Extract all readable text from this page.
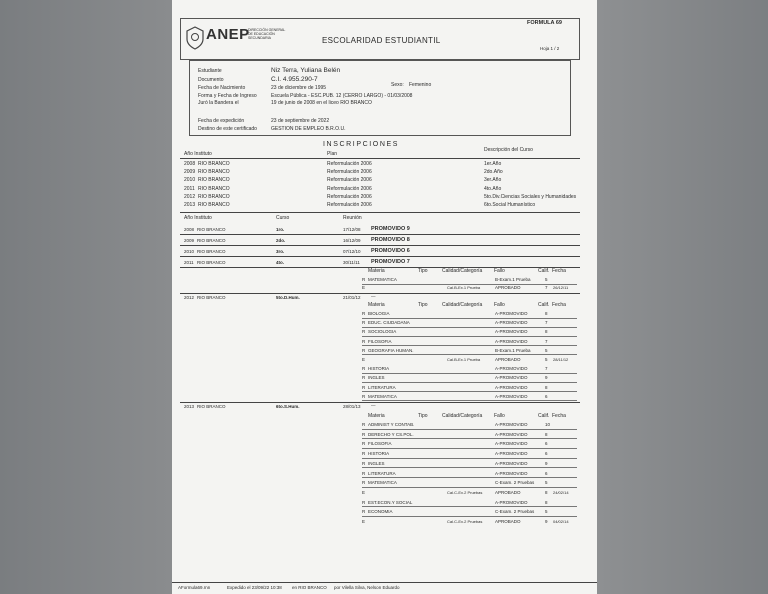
ANEP
DIRECCIÓN GENERAL
DE EDUCACIÓN
SECUNDARIA	ESCOLARIDAD ESTUDIANTIL
FORMULA 69
Hoja 1 / 2
Estudiante	Niz Terra, Yuliana Belén
Documento	C.I. 4.955.290-7
Fecha de Nacimiento	23 de diciembre de 1995	Sexo: Femenino
Forma y Fecha de Ingreso	Escuela Pública - ESC.PUB. 12 (CERRO LARGO) - 01/03/2008
Juró la Bandera el	19 de junio de 2008 en el liceo RIO BRANCO
Fecha de expedición	23 de septiembre de 2022
Destino de este certificado	GESTION DE EMPLEO B.R.O.U.
INSCRIPCIONES
Año Instituto	Plan
Descripción del Curso
2008 RIO BRANCO	Reformulación 2006	1er.Año
2009 RIO BRANCO	Reformulación 2006	2do.Año
2010 RIO BRANCO	Reformulación 2006	3er.Año
2011 RIO BRANCO	Reformulación 2006	4to.Año
2012 RIO BRANCO	Reformulación 2006	5to.Div.Ciencias Sociales y Humanidades
2013 RIO BRANCO	Reformulación 2006	6to.Social Humanístico
Año Instituto	Curso	Reunión
2008 RIO BRANCO	1ro.	17/12/08 PROMOVIDO 9
2009 RIO BRANCO	2do.	16/12/09 PROMOVIDO 8
2010 RIO BRANCO	3ro.	07/12/10 PROMOVIDO 6
2011 RIO BRANCO	4to.	30/11/11 PROMOVIDO 7
Materia	Tipo	Calidad/Categoría Fallo	Calif. Fecha
R MATEMATICA	B-Exam.1 Prueba	5
E	Cal.B-Ex.1 Prueba	APROBADO	7 26/12/11
2012 RIO BRANCO	5to.D.Hum.	21/01/12 —
Materia	Tipo	Calidad/Categoría Fallo	Calif. Fecha
R BIOLOGIA	A-PROMOVIDO	8
R EDUC. CIUDADANA	A-PROMOVIDO	7
R SOCIOLOGIA	A-PROMOVIDO	8
R FILOSOFIA	A-PROMOVIDO	7
R GEOGRAFIA HUMAN.	B-Exam.1 Prueba	5
E	Cal.B-Ex.1 Prueba	APROBADO	5 28/11/12
R HISTORIA	A-PROMOVIDO	7
R INGLES	A-PROMOVIDO	9
R LITERATURA	A-PROMOVIDO	8
R MATEMATICA	A-PROMOVIDO	6
2013 RIO BRANCO	6to.S.Hum.	28/01/13 —
Materia	Tipo	Calidad/Categoría Fallo	Calif. Fecha
R ADMINIST Y CONTAB.	A-PROMOVIDO	10
R DERECHO Y CS.POL.	A-PROMOVIDO	8
R FILOSOFIA	A-PROMOVIDO	6
R HISTORIA	A-PROMOVIDO	6
R INGLES	A-PROMOVIDO	9
R LITERATURA	A-PROMOVIDO	6
R MATEMATICA	C-Exam. 2 Pruebas 5
E	Cal.C-Ex.2 Pruebas	APROBADO	8 24/02/14
R EST.ECON.Y SOCIAL	A-PROMOVIDO	8
R ECONOMIA	C-Exam. 2 Pruebas 5
E	Cal.C-Ex.2 Pruebas	APROBADO	9 04/02/14
AFormula69.rnn	Expedido el 23/09/22 10:38 en RIO BRANCO por Vilella Silva, Nelson Eduardo
